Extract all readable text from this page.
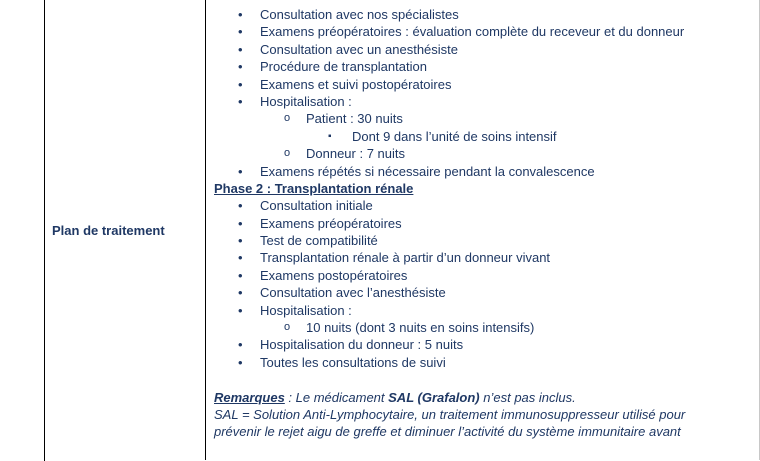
Plan de traitement
• Consultation avec nos spécialistes
• Examens préopératoires : évaluation complète du receveur et du donneur
• Consultation avec un anesthésiste
• Procédure de transplantation
• Examens et suivi postopératoires
• Hospitalisation :
o Patient : 30 nuits
▪ Dont 9 dans l’unité de soins intensif
o Donneur : 7 nuits
• Examens répétés si nécessaire pendant la convalescence
Phase 2 : Transplantation rénale
• Consultation initiale
• Examens préopératoires
• Test de compatibilité
• Transplantation rénale à partir d’un donneur vivant
• Examens postopératoires
• Consultation avec l’anesthésiste
• Hospitalisation :
o 10 nuits (dont 3 nuits en soins intensifs)
• Hospitalisation du donneur : 5 nuits
• Toutes les consultations de suivi
Remarques : Le médicament SAL (Grafalon) n’est pas inclus.
SAL = Solution Anti-Lymphocytaire, un traitement immunosuppresseur utilisé pour
prévenir le rejet aigu de greffe et diminuer l’activité du système immunitaire avant
